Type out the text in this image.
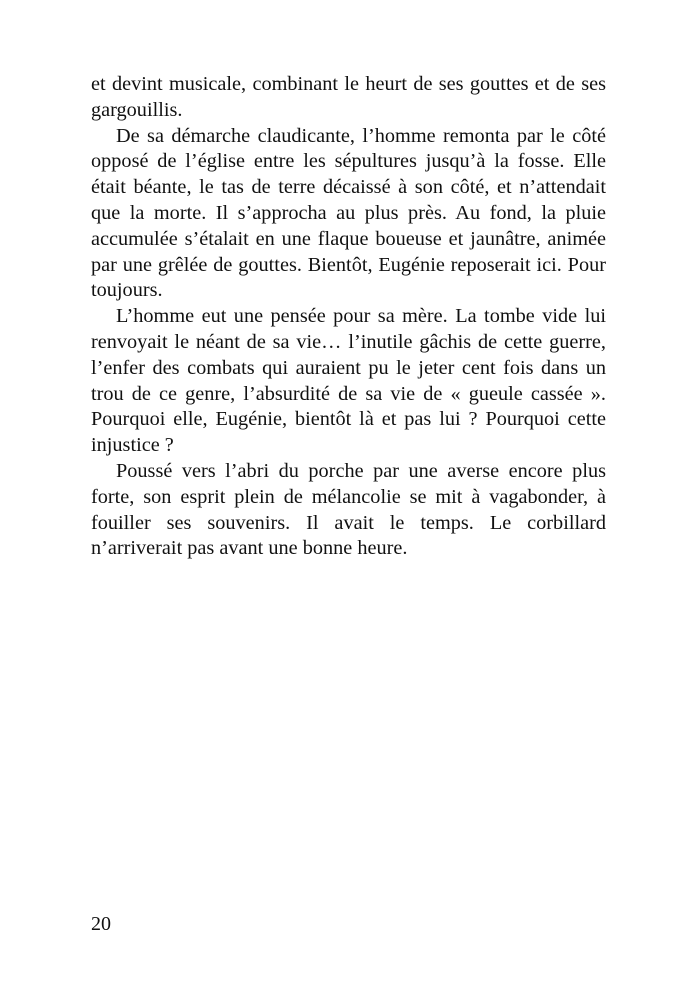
et devint musicale, combinant le heurt de ses gouttes et de ses gargouillis.

De sa démarche claudicante, l’homme remonta par le côté opposé de l’église entre les sépultures jusqu’à la fosse. Elle était béante, le tas de terre décaissé à son côté, et n’attendait que la morte. Il s’approcha au plus près. Au fond, la pluie accumulée s’étalait en une flaque boueuse et jaunâtre, animée par une grêlée de gouttes. Bientôt, Eugénie reposerait ici. Pour toujours.

L’homme eut une pensée pour sa mère. La tombe vide lui renvoyait le néant de sa vie… l’inutile gâchis de cette guerre, l’enfer des combats qui auraient pu le jeter cent fois dans un trou de ce genre, l’absurdité de sa vie de « gueule cassée ». Pourquoi elle, Eugénie, bientôt là et pas lui ? Pourquoi cette injustice ?

Poussé vers l’abri du porche par une averse encore plus forte, son esprit plein de mélancolie se mit à vagabonder, à fouiller ses souvenirs. Il avait le temps. Le corbillard n’arriverait pas avant une bonne heure.

20
